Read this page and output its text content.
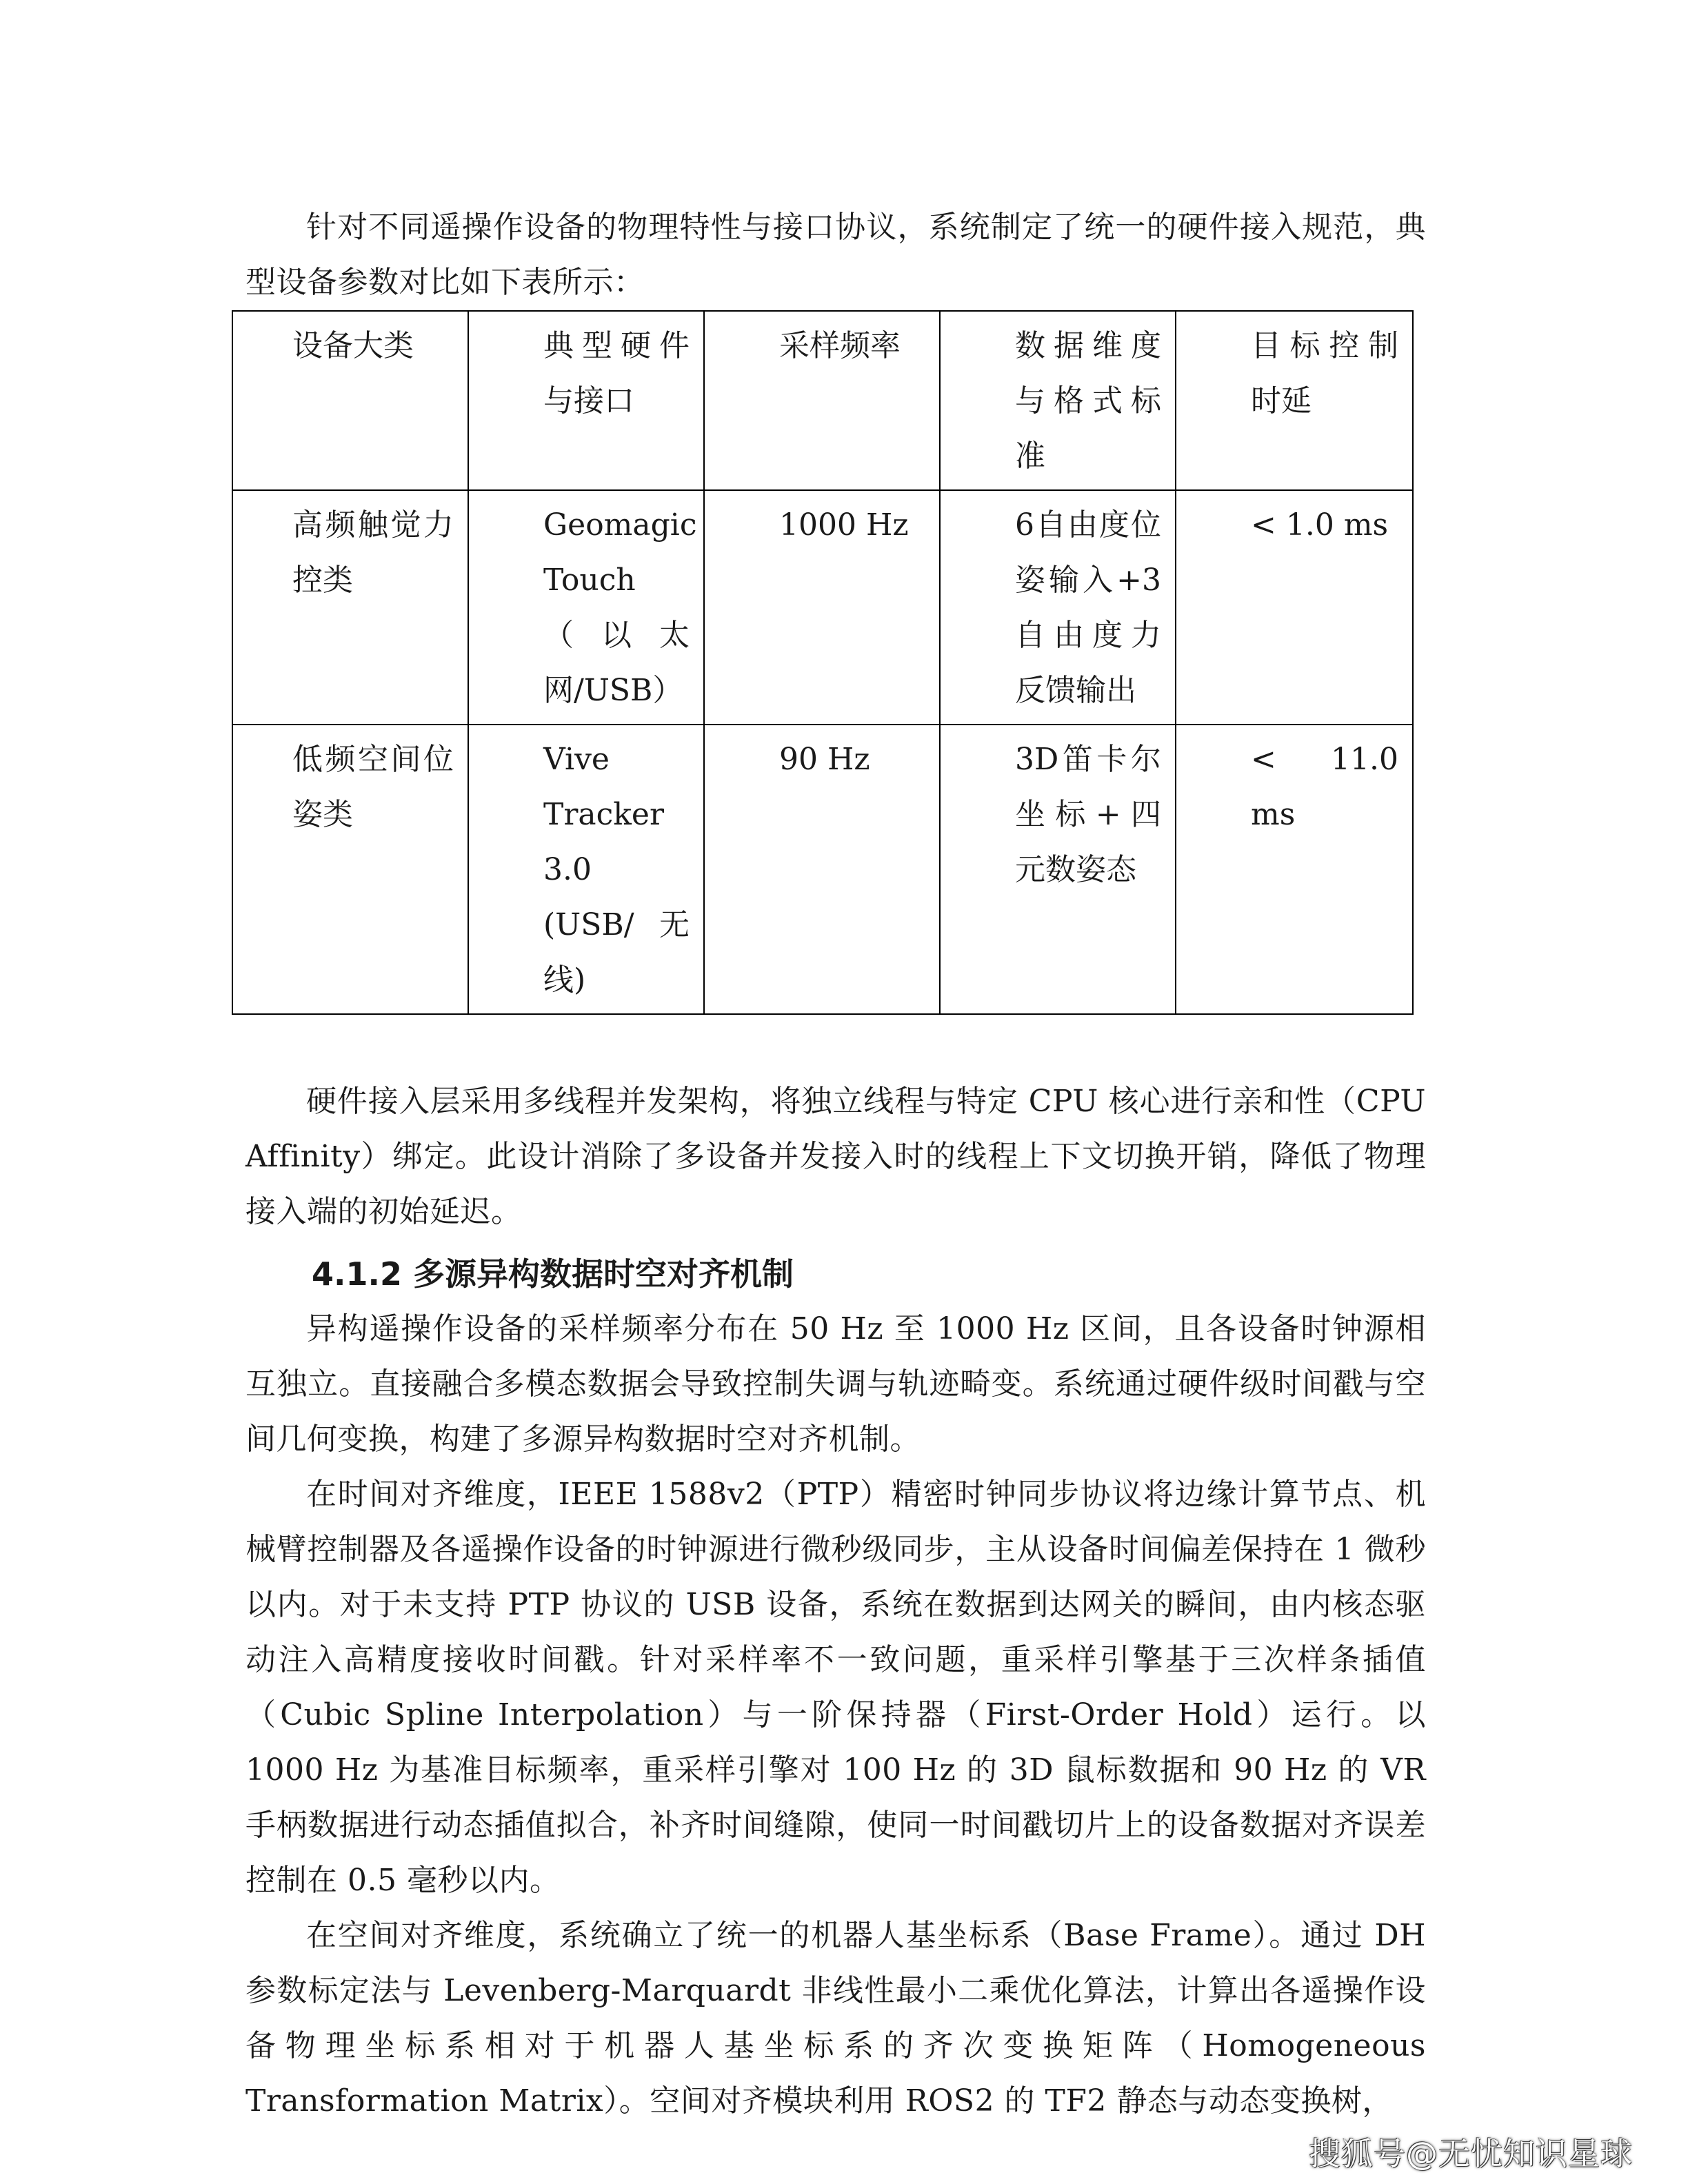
针对不同遥操作设备的物理特性与接口协议，系统制定了统一的硬件接入规范，典型设备参数对比如下表所示：

设备大类	典型硬件与接口	采样频率	数据维度与格式标准	目标控制时延

高频触觉力控类	Geomagic Touch（以太网/USB）	1000 Hz	6自由度位姿输入+3自由度力反馈输出	< 1.0 ms

低频空间位姿类	Vive Tracker 3.0 (USB/无线)	90 Hz	3D笛卡尔坐标+四元数姿态	< 11.0 ms

硬件接入层采用多线程并发架构，将独立线程与特定 CPU 核心进行亲和性（CPU Affinity）绑定。此设计消除了多设备并发接入时的线程上下文切换开销，降低了物理接入端的初始延迟。

4.1.2 多源异构数据时空对齐机制

异构遥操作设备的采样频率分布在 50 Hz 至 1000 Hz 区间，且各设备时钟源相互独立。直接融合多模态数据会导致控制失调与轨迹畸变。系统通过硬件级时间戳与空间几何变换，构建了多源异构数据时空对齐机制。

在时间对齐维度，IEEE 1588v2（PTP）精密时钟同步协议将边缘计算节点、机械臂控制器及各遥操作设备的时钟源进行微秒级同步，主从设备时间偏差保持在 1 微秒以内。对于未支持 PTP 协议的 USB 设备，系统在数据到达网关的瞬间，由内核态驱动注入高精度接收时间戳。针对采样率不一致问题，重采样引擎基于三次样条插值（Cubic Spline Interpolation）与一阶保持器（First-Order Hold）运行。以 1000 Hz 为基准目标频率，重采样引擎对 100 Hz 的 3D 鼠标数据和 90 Hz 的 VR 手柄数据进行动态插值拟合，补齐时间缝隙，使同一时间戳切片上的设备数据对齐误差控制在 0.5 毫秒以内。

在空间对齐维度，系统确立了统一的机器人基坐标系（Base Frame）。通过 DH 参数标定法与 Levenberg-Marquardt 非线性最小二乘优化算法，计算出各遥操作设备物理坐标系相对于机器人基坐标系的齐次变换矩阵（Homogeneous Transformation Matrix）。空间对齐模块利用 ROS2 的 TF2 静态与动态变换树，

搜狐号@无忧知识星球
